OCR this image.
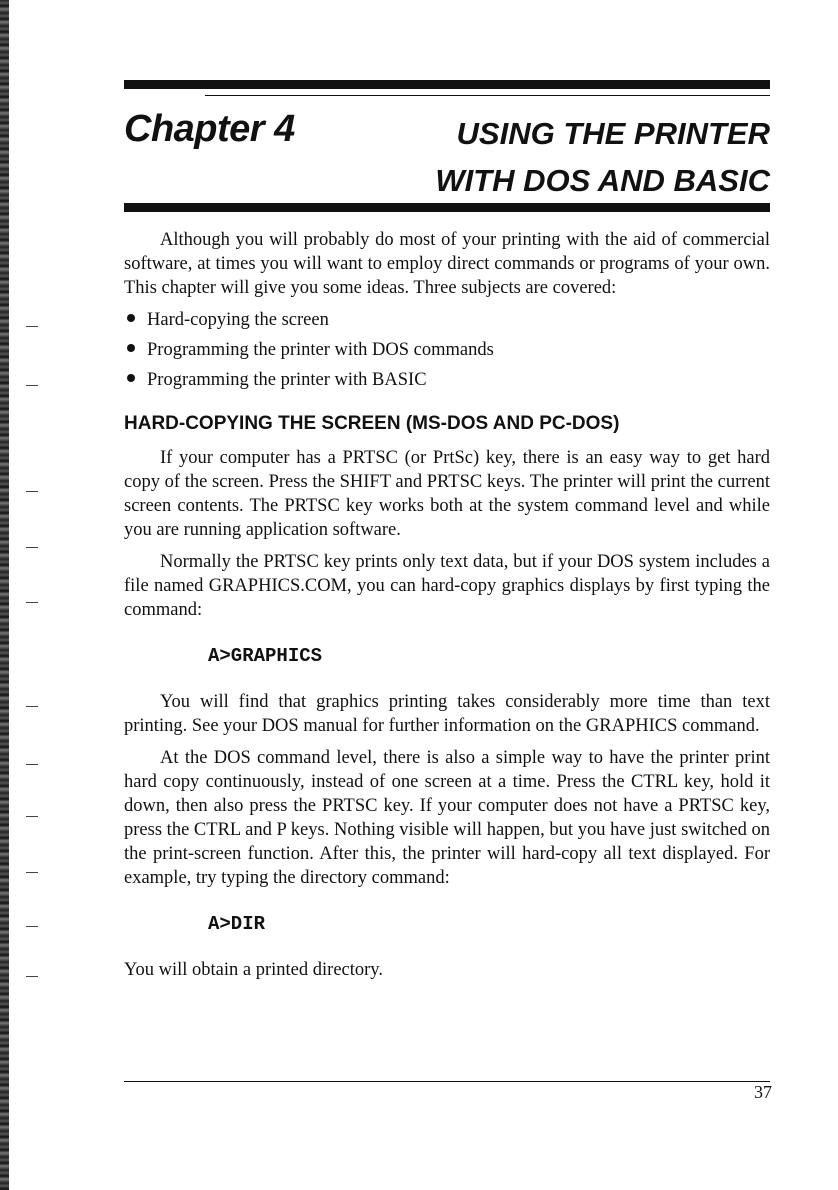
Chapter 4	USING THE PRINTER
WITH DOS AND BASIC

Although you will probably do most of your printing with the aid of commercial software, at times you will want to employ direct commands or programs of your own. This chapter will give you some ideas. Three subjects are covered:

Hard-copying the screen
Programming the printer with DOS commands
Programming the printer with BASIC
HARD-COPYING THE SCREEN (MS-DOS AND PC-DOS)

If your computer has a PRTSC (or PrtSc) key, there is an easy way to get hard copy of the screen. Press the SHIFT and PRTSC keys. The printer will print the current screen contents. The PRTSC key works both at the system command level and while you are running application software.

Normally the PRTSC key prints only text data, but if your DOS system includes a file named GRAPHICS.COM, you can hard-copy graphics displays by first typing the command:

A>GRAPHICS

You will find that graphics printing takes considerably more time than text printing. See your DOS manual for further information on the GRAPHICS command.

At the DOS command level, there is also a simple way to have the printer print hard copy continuously, instead of one screen at a time. Press the CTRL key, hold it down, then also press the PRTSC key. If your computer does not have a PRTSC key, press the CTRL and P keys. Nothing visible will happen, but you have just switched on the print-screen function. After this, the printer will hard-copy all text displayed. For example, try typing the directory command:

A>DIR

You will obtain a printed directory.

37
